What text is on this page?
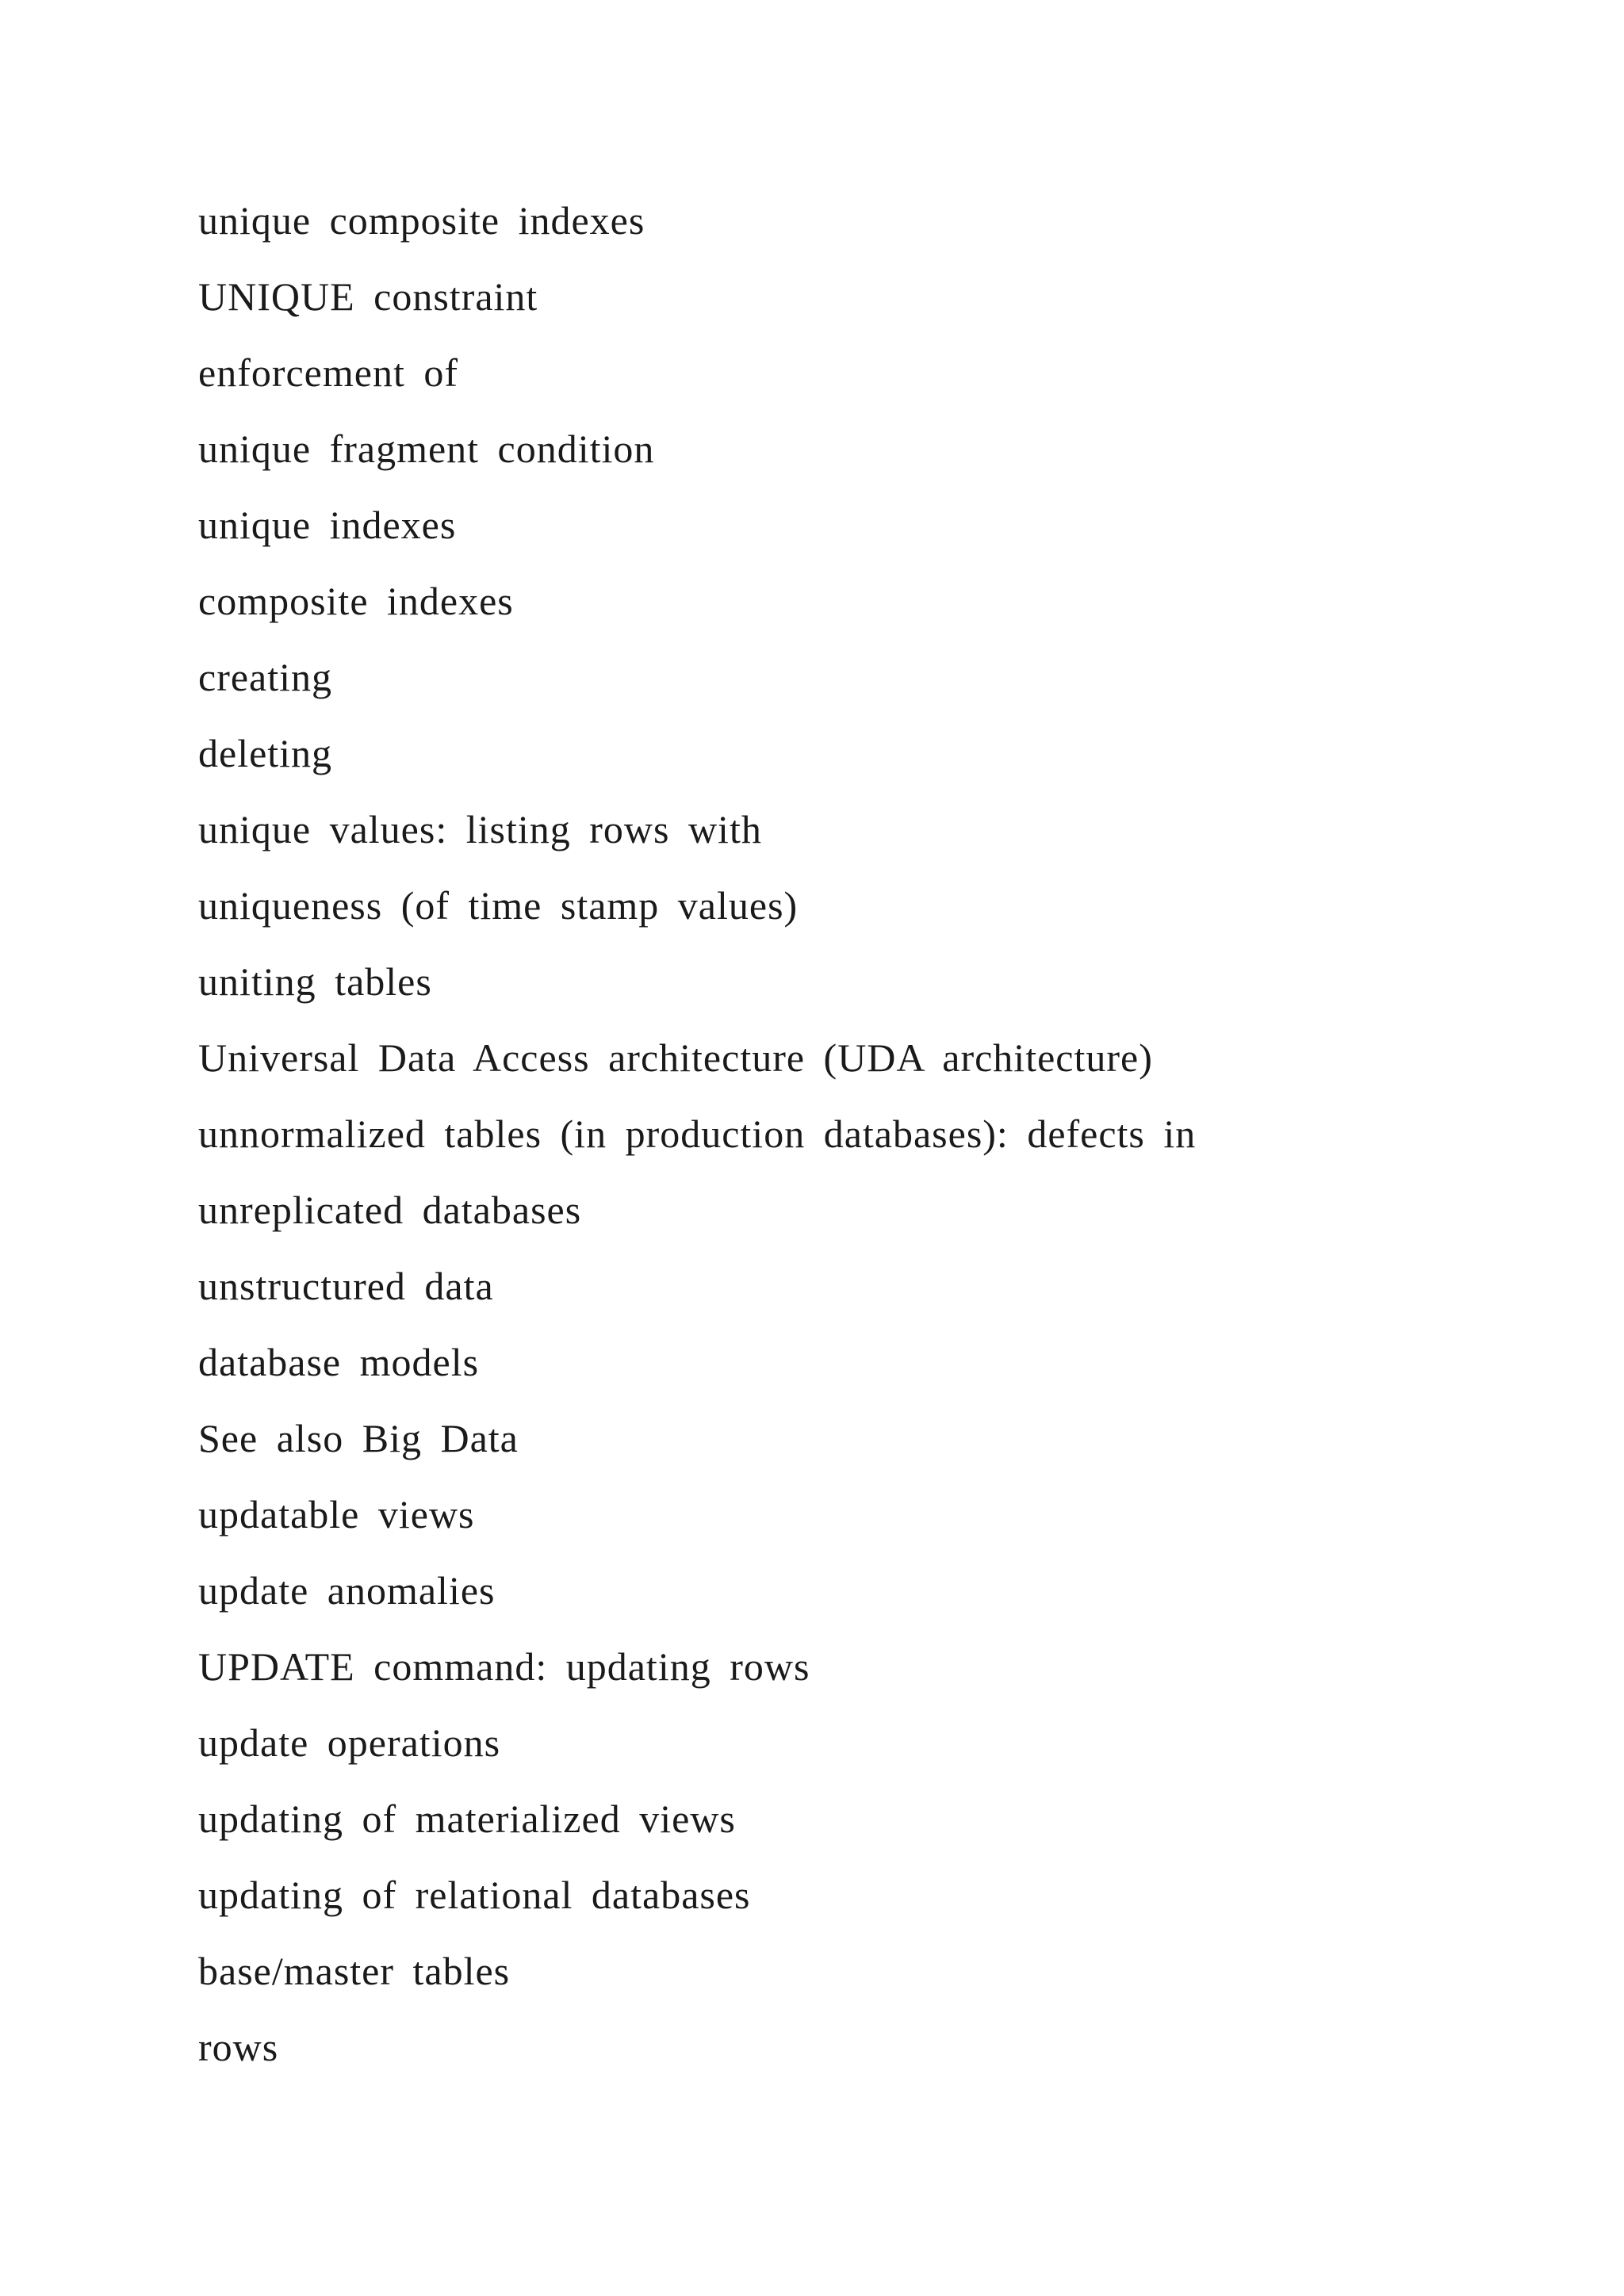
unique composite indexes
UNIQUE constraint
enforcement of
unique fragment condition
unique indexes
composite indexes
creating
deleting
unique values: listing rows with
uniqueness (of time stamp values)
uniting tables
Universal Data Access architecture (UDA architecture)
unnormalized tables (in production databases): defects in
unreplicated databases
unstructured data
database models
See also Big Data
updatable views
update anomalies
UPDATE command: updating rows
update operations
updating of materialized views
updating of relational databases
base/master tables
rows
